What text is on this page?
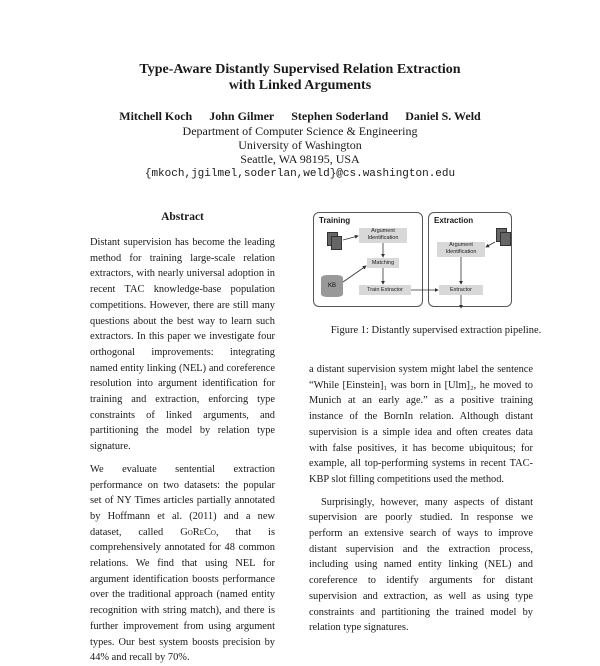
Type-Aware Distantly Supervised Relation Extraction
with Linked Arguments
Mitchell Koch John Gilmer Stephen Soderland Daniel S. Weld
Department of Computer Science & Engineering
University of Washington
Seattle, WA 98195, USA
{mkoch,jgilmel,soderlan,weld}@cs.washington.edu
Abstract

Distant supervision has become the leading method for training large-scale relation extractors, with nearly universal adoption in recent TAC knowledge-base population competitions. However, there are still many questions about the best way to learn such extractors. In this paper we investigate four orthogonal improvements: integrating named entity linking (NEL) and coreference resolution into argument identification for training and extraction, enforcing type constraints of linked arguments, and partitioning the model by relation type signature.

We evaluate sentential extraction performance on two datasets: the popular set of NY Times articles partially annotated by Hoffmann et al. (2011) and a new dataset, called GoReCo, that is comprehensively annotated for 48 common relations. We find that using NEL for argument identification boosts performance over the traditional approach (named entity recognition with string match), and there is further improvement from using argument types. Our best system boosts precision by 44% and recall by 70%.

Training
Argument Identification
Matching
KB
Train Extractor
Extraction
Argument Identification
Extractor
Figure 1: Distantly supervised extraction pipeline.

a distant supervision system might label the sentence “While [Einstein]₁ was born in [Ulm]₂, he moved to Munich at an early age.” as a positive training instance of the BornIn relation. Although distant supervision is a simple idea and often creates data with false positives, it has become ubiquitous; for example, all top-performing systems in recent TAC-KBP slot filling competitions used the method.

Surprisingly, however, many aspects of distant supervision are poorly studied. In response we perform an extensive search of ways to improve distant supervision and the extraction process, including using named entity linking (NEL) and coreference to identify arguments for distant supervision and extraction, as well as using type constraints and partitioning the trained model by relation type signatures.
